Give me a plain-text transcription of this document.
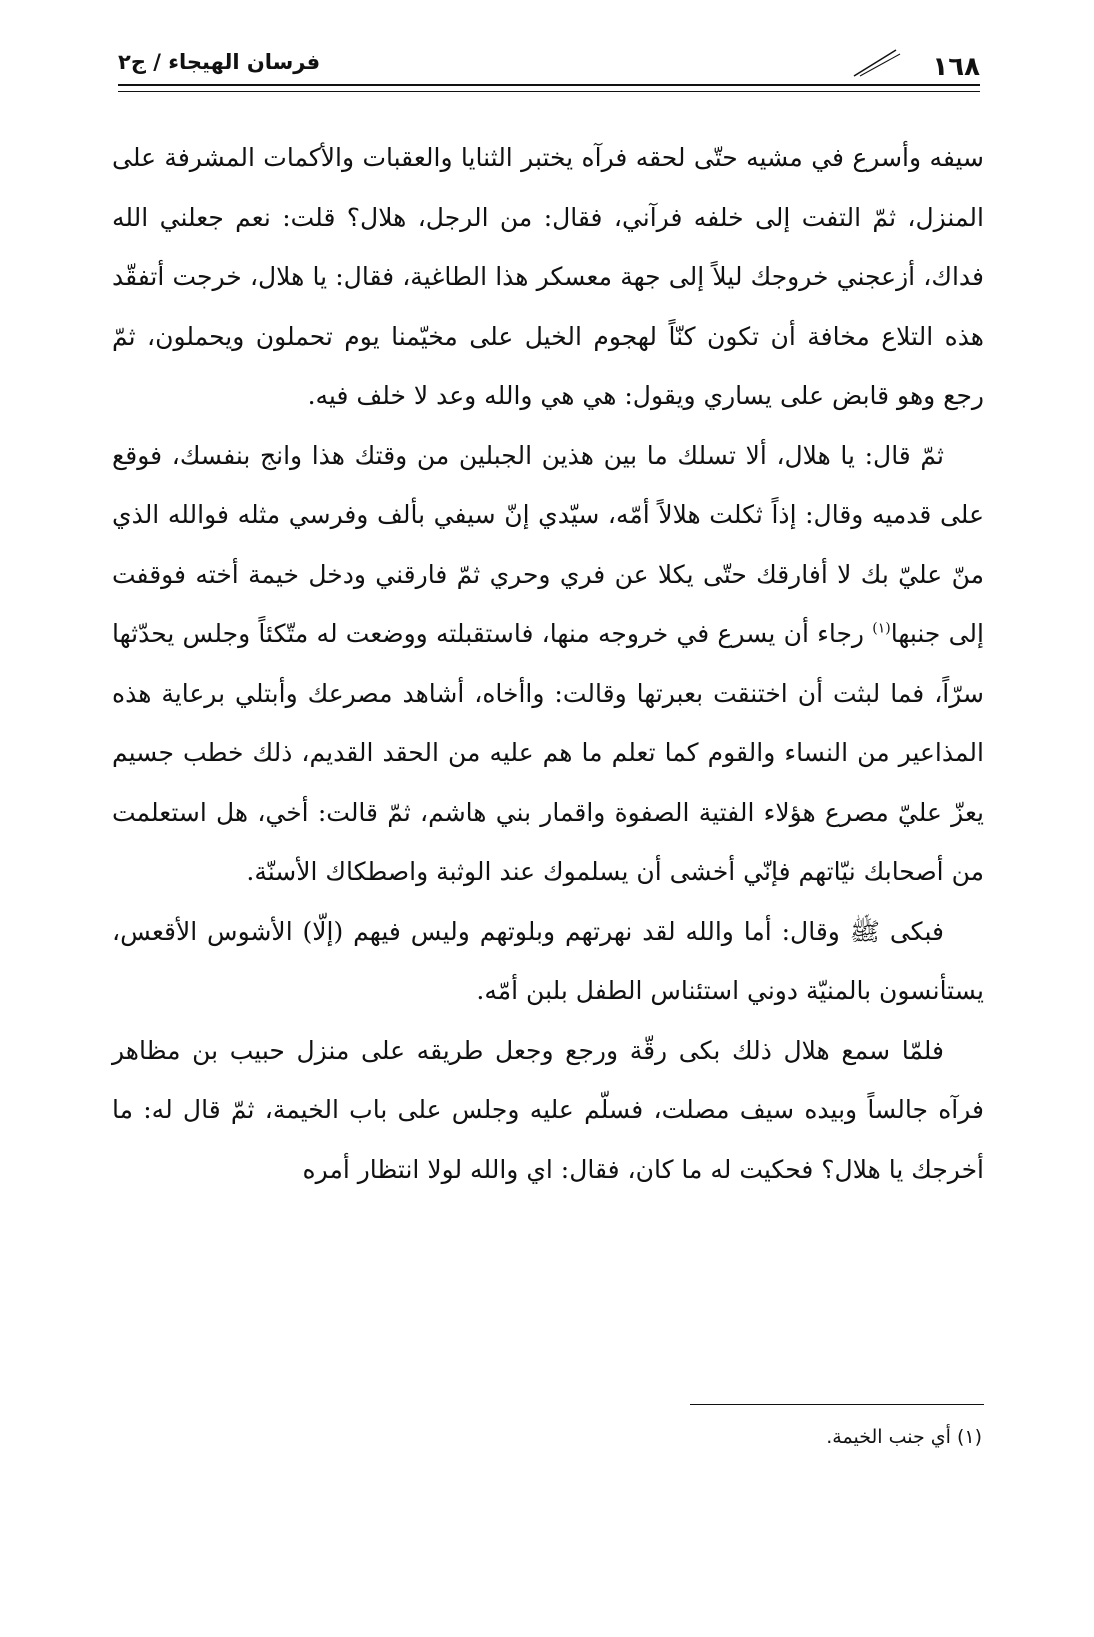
١٦٨
فرسان الهيجاء / ج٢

سيفه وأسرع في مشيه حتّى لحقه فرآه يختبر الثنايا والعقبات والأكمات المشرفة على المنزل، ثمّ التفت إلى خلفه فرآني، فقال: من الرجل، هلال؟ قلت: نعم جعلني الله فداك، أزعجني خروجك ليلاً إلى جهة معسكر هذا الطاغية، فقال: يا هلال، خرجت أتفقّد هذه التلاع مخافة أن تكون كنّاً لهجوم الخيل على مخيّمنا يوم تحملون ويحملون، ثمّ رجع وهو قابض على يساري ويقول: هي هي والله وعد لا خلف فيه.

ثمّ قال: يا هلال، ألا تسلك ما بين هذين الجبلين من وقتك هذا وانج بنفسك، فوقع على قدميه وقال: إذاً ثكلت هلالاً أمّه، سيّدي إنّ سيفي بألف وفرسي مثله فوالله الذي منّ عليّ بك لا أفارقك حتّى يكلا عن فري وحري ثمّ فارقني ودخل خيمة أخته فوقفت إلى جنبها$^{(١)}$ رجاء أن يسرع في خروجه منها، فاستقبلته ووضعت له متّكئاً وجلس يحدّثها سرّاً، فما لبثت أن اختنقت بعبرتها وقالت: واأخاه، أشاهد مصرعك وأبتلي برعاية هذه المذاعير من النساء والقوم كما تعلم ما هم عليه من الحقد القديم، ذلك خطب جسيم يعزّ عليّ مصرع هؤلاء الفتية الصفوة واقمار بني هاشم، ثمّ قالت: أخي، هل استعلمت من أصحابك نيّاتهم فإنّي أخشى أن يسلموك عند الوثبة واصطكاك الأسنّة.

فبكى ﷺ وقال: أما والله لقد نهرتهم وبلوتهم وليس فيهم (إلّا) الأشوس الأقعس، يستأنسون بالمنيّة دوني استئناس الطفل بلبن أمّه.

فلمّا سمع هلال ذلك بكى رقّة ورجع وجعل طريقه على منزل حبيب بن مظاهر فرآه جالساً وبيده سيف مصلت، فسلّم عليه وجلس على باب الخيمة، ثمّ قال له: ما أخرجك يا هلال؟ فحكيت له ما كان، فقال: اي والله لولا انتظار أمره

(١) أي جنب الخيمة.
